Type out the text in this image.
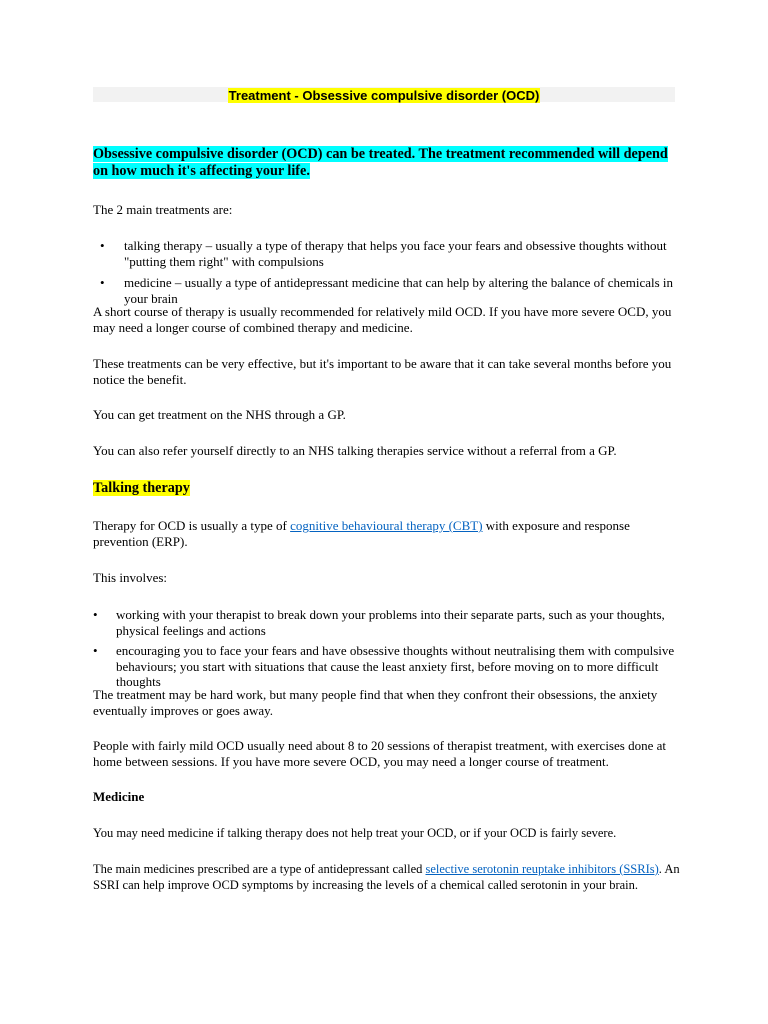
Treatment - Obsessive compulsive disorder (OCD)
Obsessive compulsive disorder (OCD) can be treated. The treatment recommended will depend on how much it's affecting your life.
The 2 main treatments are:
• talking therapy – usually a type of therapy that helps you face your fears and obsessive thoughts without "putting them right" with compulsions
• medicine – usually a type of antidepressant medicine that can help by altering the balance of chemicals in your brain
A short course of therapy is usually recommended for relatively mild OCD. If you have more severe OCD, you may need a longer course of combined therapy and medicine.
These treatments can be very effective, but it's important to be aware that it can take several months before you notice the benefit.
You can get treatment on the NHS through a GP.
You can also refer yourself directly to an NHS talking therapies service without a referral from a GP.
Talking therapy
Therapy for OCD is usually a type of cognitive behavioural therapy (CBT) with exposure and response prevention (ERP).
This involves:
• working with your therapist to break down your problems into their separate parts, such as your thoughts, physical feelings and actions
• encouraging you to face your fears and have obsessive thoughts without neutralising them with compulsive behaviours; you start with situations that cause the least anxiety first, before moving on to more difficult thoughts
The treatment may be hard work, but many people find that when they confront their obsessions, the anxiety eventually improves or goes away.
People with fairly mild OCD usually need about 8 to 20 sessions of therapist treatment, with exercises done at home between sessions. If you have more severe OCD, you may need a longer course of treatment.
Medicine
You may need medicine if talking therapy does not help treat your OCD, or if your OCD is fairly severe.
The main medicines prescribed are a type of antidepressant called selective serotonin reuptake inhibitors (SSRIs). An SSRI can help improve OCD symptoms by increasing the levels of a chemical called serotonin in your brain.
